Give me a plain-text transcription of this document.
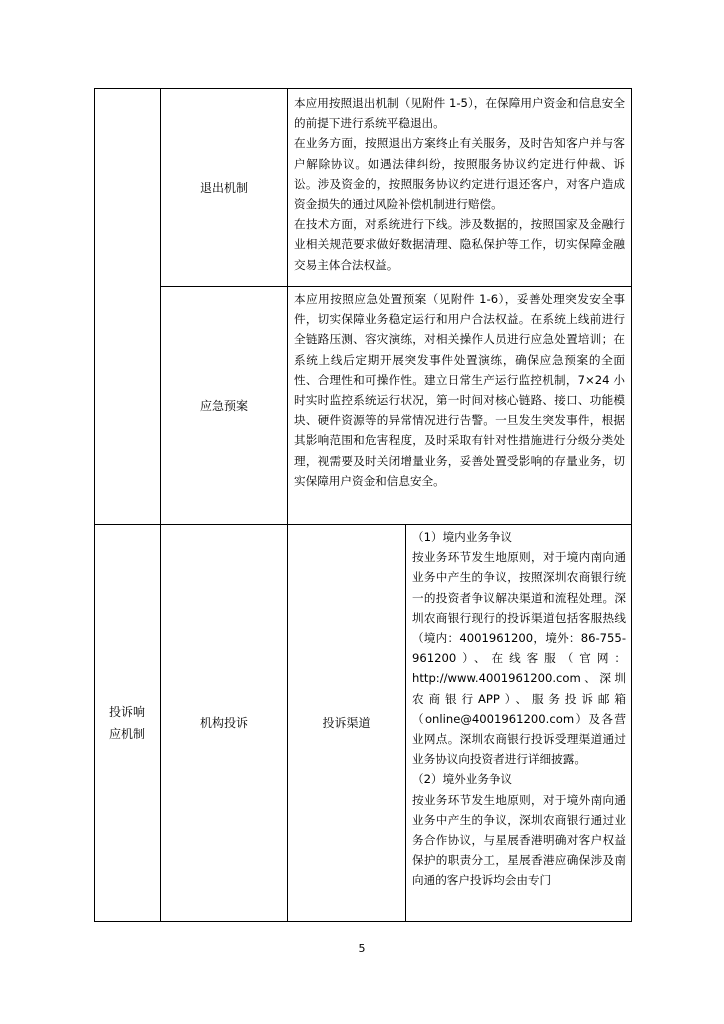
退出机制

本应用按照退出机制（见附件 1-5），在保障用户资金和信息安全的前提下进行系统平稳退出。

在业务方面，按照退出方案终止有关服务，及时告知客户并与客户解除协议。如遇法律纠纷，按照服务协议约定进行仲裁、诉讼。涉及资金的，按照服务协议约定进行退还客户，对客户造成资金损失的通过风险补偿机制进行赔偿。

在技术方面，对系统进行下线。涉及数据的，按照国家及金融行业相关规范要求做好数据清理、隐私保护等工作，切实保障金融交易主体合法权益。

应急预案

本应用按照应急处置预案（见附件 1-6），妥善处理突发安全事件，切实保障业务稳定运行和用户合法权益。在系统上线前进行全链路压测、容灾演练，对相关操作人员进行应急处置培训；在系统上线后定期开展突发事件处置演练，确保应急预案的全面性、合理性和可操作性。建立日常生产运行监控机制，7×24 小时实时监控系统运行状况，第一时间对核心链路、接口、功能模块、硬件资源等的异常情况进行告警。一旦发生突发事件，根据其影响范围和危害程度，及时采取有针对性措施进行分级分类处理，视需要及时关闭增量业务，妥善处置受影响的存量业务，切实保障用户资金和信息安全。

投诉响应机制
机构投诉	投诉渠道

（1）境内业务争议

按业务环节发生地原则，对于境内南向通业务中产生的争议，按照深圳农商银行统一的投资者争议解决渠道和流程处理。深圳农商银行现行的投诉渠道包括客服热线（境内：4001961200，境外：86-755-961200）、在线客服（官网：http://www.4001961200.com、深圳农商银行APP）、服务投诉邮箱（online@4001961200.com）及各营业网点。深圳农商银行投诉受理渠道通过业务协议向投资者进行详细披露。

（2）境外业务争议

按业务环节发生地原则，对于境外南向通业务中产生的争议，深圳农商银行通过业务合作协议，与星展香港明确对客户权益保护的职责分工，星展香港应确保涉及南向通的客户投诉均会由专门

5
